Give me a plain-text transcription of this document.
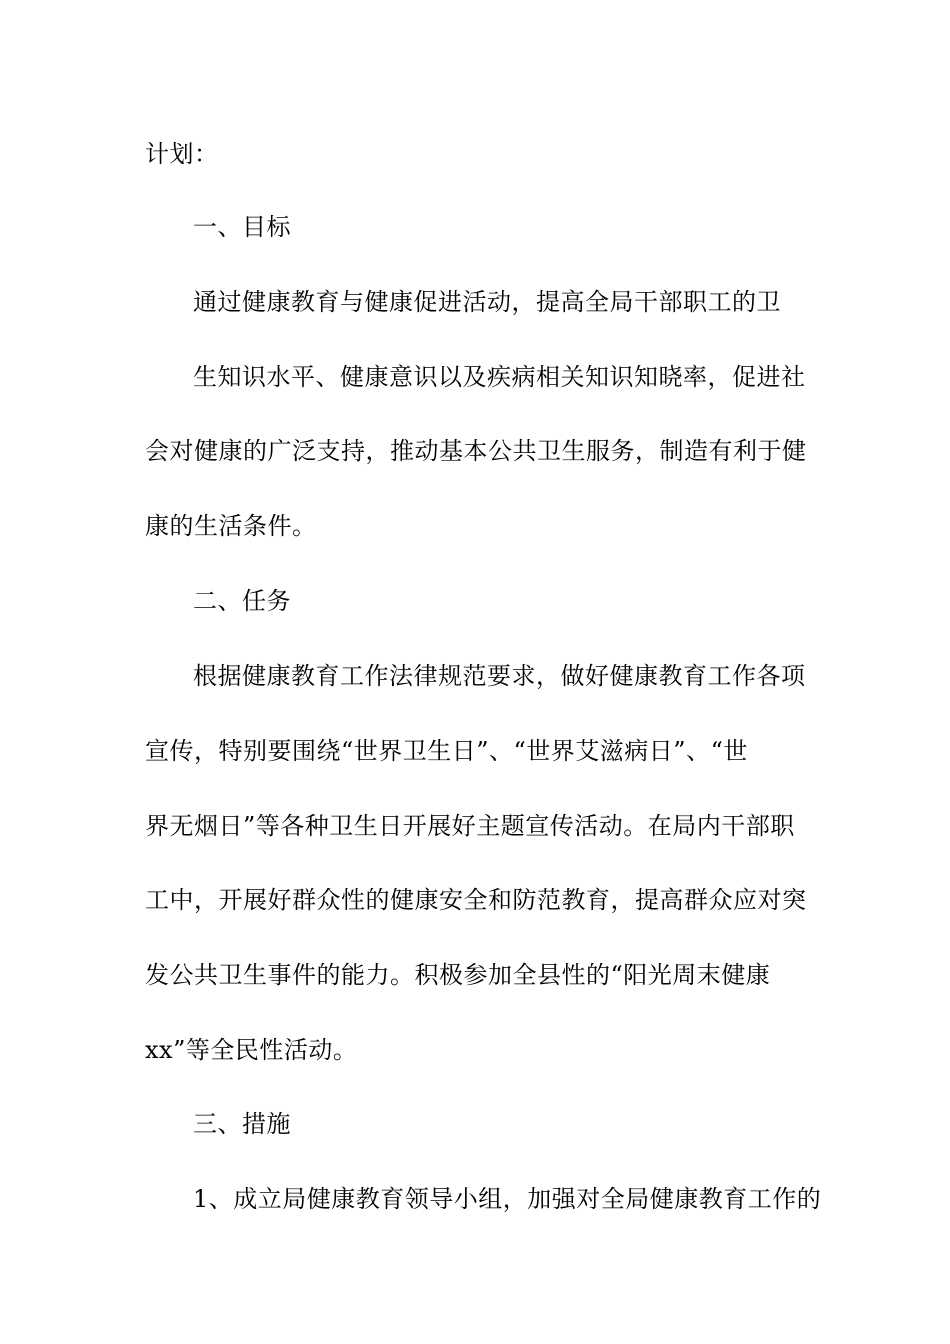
计划：
一、目标
通过健康教育与健康促进活动，提高全局干部职工的卫
生知识水平、健康意识以及疾病相关知识知晓率，促进社
会对健康的广泛支持，推动基本公共卫生服务，制造有利于健
康的生活条件。
二、任务
根据健康教育工作法律规范要求，做好健康教育工作各项
宣传，特别要围绕“世界卫生日”、“世界艾滋病日”、“世
界无烟日”等各种卫生日开展好主题宣传活动。在局内干部职
工中，开展好群众性的健康安全和防范教育，提高群众应对突
发公共卫生事件的能力。积极参加全县性的“阳光周末健康
xx”等全民性活动。
三、措施
1、成立局健康教育领导小组，加强对全局健康教育工作的
